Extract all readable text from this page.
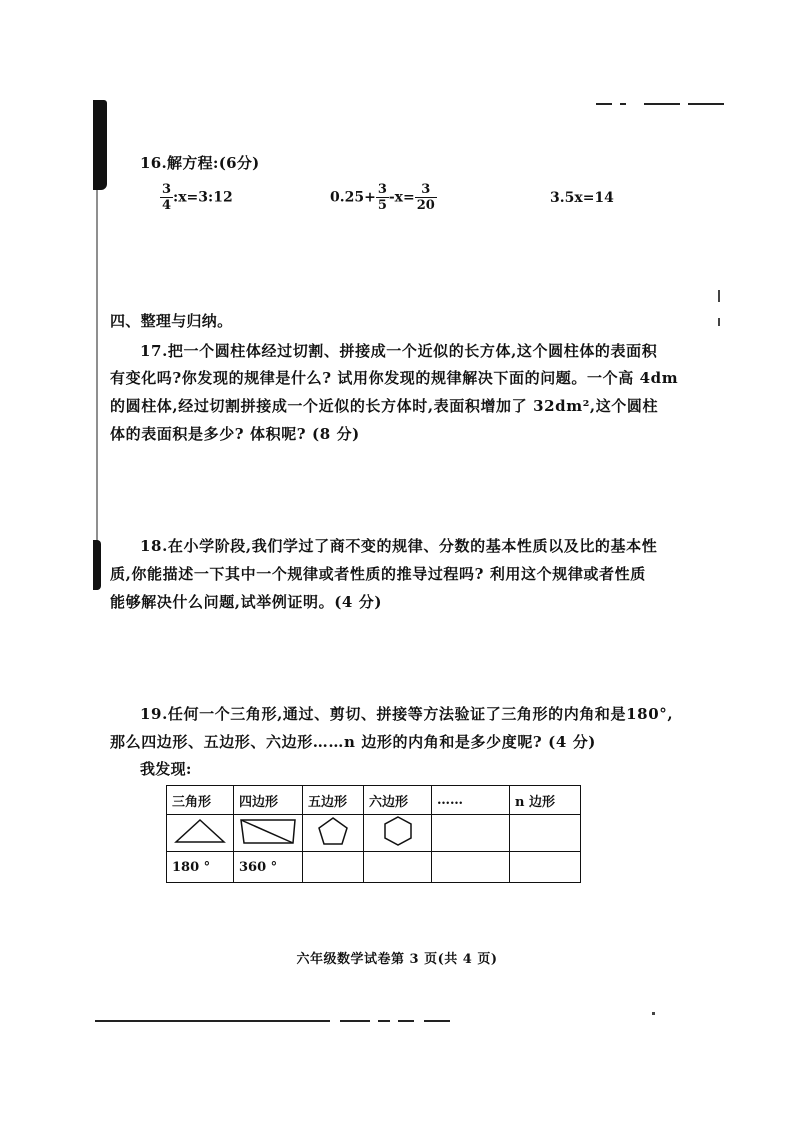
16.解方程:(6分)
$\frac{3}{4}$ :x=3:12	$0.25+ \frac{3}{5} -x= \frac{3}{20}$	3.5x=14
四、整理与归纳。
17.把一个圆柱体经过切割、拼接成一个近似的长方体,这个圆柱体的表面积
有变化吗?你发现的规律是什么? 试用你发现的规律解决下面的问题。一个高 4dm
的圆柱体,经过切割拼接成一个近似的长方体时,表面积增加了 32dm²,这个圆柱
体的表面积是多少? 体积呢? (8 分)
18.在小学阶段,我们学过了商不变的规律、分数的基本性质以及比的基本性
质,你能描述一下其中一个规律或者性质的推导过程吗? 利用这个规律或者性质
能够解决什么问题,试举例证明。(4 分)
19.任何一个三角形,通过、剪切、拼接等方法验证了三角形的内角和是180°,
那么四边形、五边形、六边形……n 边形的内角和是多少度呢? (4 分)
我发现:
三角形	四边形	五边形	六边形	……	n 边形

180 °	360 °				
六年级数学试卷第 3 页(共 4 页)
